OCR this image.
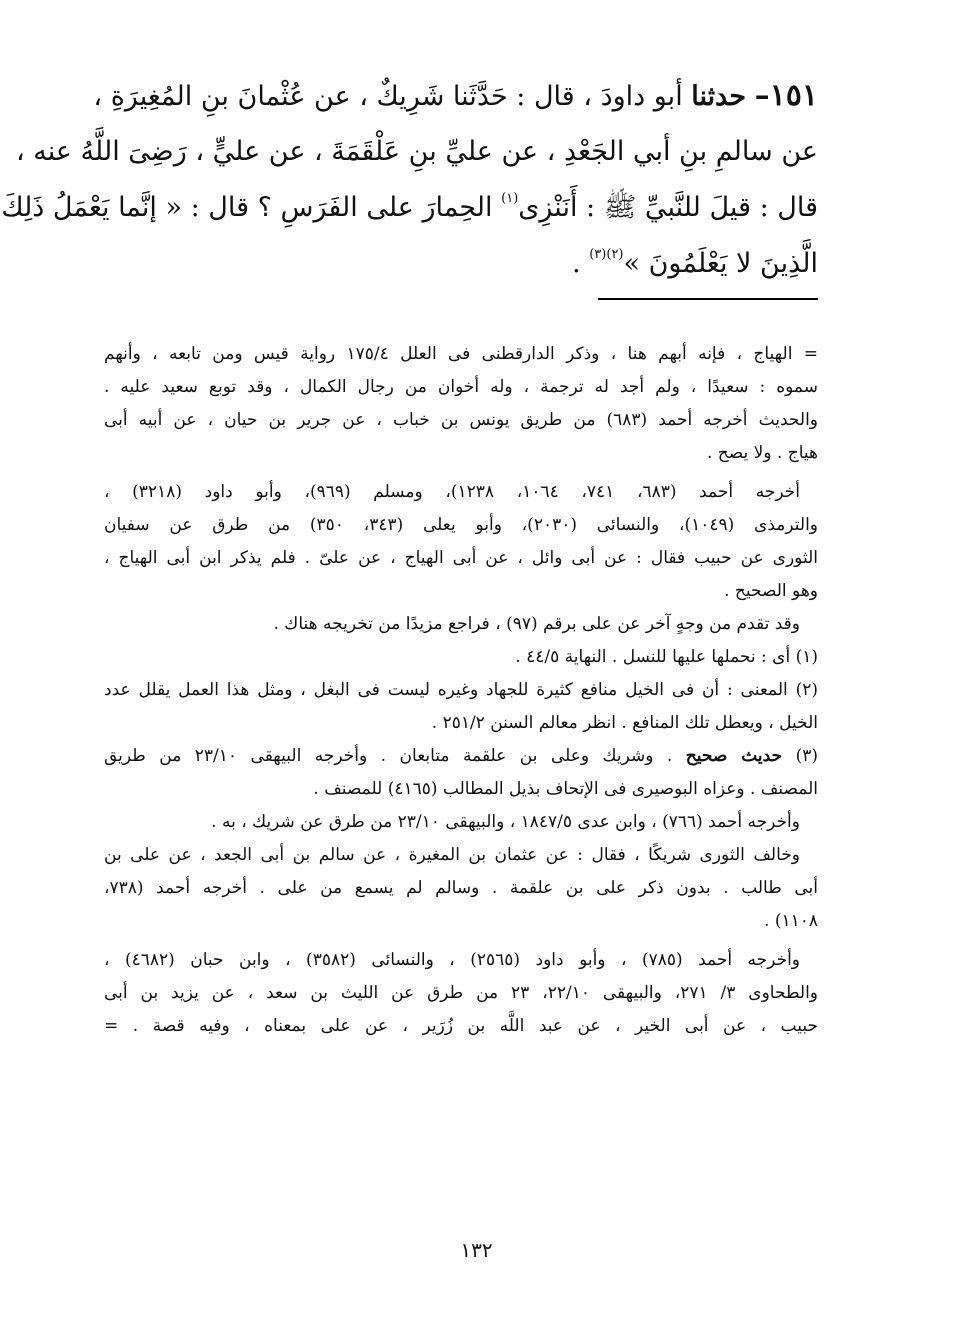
١٥١– حدثنا أبو داودَ ، قال : حَدَّثَنا شَرِيكٌ ، عن عُثْمانَ بنِ المُغِيرَةِ ،
عن سالمِ بنِ أبي الجَعْدِ ، عن عليِّ بنِ عَلْقَمَةَ ، عن عليٍّ ، رَضِىَ اللَّهُ عنه ،
قال : قيلَ للنَّبيِّ ﷺ : أَنَنْزِى$^{(١)}$ الحِمارَ على الفَرَسِ ؟ قال : « إنَّما يَعْمَلُ ذَلِكَ
الَّذِينَ لا يَعْلَمُونَ »$^{(٢)(٣)}$ .
= الهياج ، فإنه أبهم هنا ، وذكر الدارقطنى فى العلل ١٧٥/٤ رواية قيس ومن تابعه ، وأنهم
سموه : سعيدًا ، ولم أجد له ترجمة ، وله أخوان من رجال الكمال ، وقد توبع سعيد عليه .
والحديث أخرجه أحمد (٦٨٣) من طريق يونس بن خباب ، عن جرير بن حيان ، عن أبيه أبى
هياج . ولا يصح .
أخرجه أحمد (٦٨٣، ٧٤١، ١٠٦٤، ١٢٣٨)، ومسلم (٩٦٩)، وأبو داود (٣٢١٨) ،
والترمذى (١٠٤٩)، والنسائى (٢٠٣٠)، وأبو يعلى (٣٤٣، ٣٥٠) من طرق عن سفيان
الثورى عن حبيب فقال : عن أبى وائل ، عن أبى الهياج ، عن علىّ . فلم يذكر ابن أبى الهياج ،
وهو الصحيح .
وقد تقدم من وجهٍ آخر عن على برقم (٩٧) ، فراجع مزيدًا من تخريجه هناك .
(١) أى : نحملها عليها للنسل . النهاية ٤٤/٥ .
(٢) المعنى : أن فى الخيل منافع كثيرة للجهاد وغيره ليست فى البغل ، ومثل هذا العمل يقلل عدد
الخيل ، ويعطل تلك المنافع . انظر معالم السنن ٢٥١/٢ .
(٣) حديث صحيح . وشريك وعلى بن علقمة متابعان . وأخرجه البيهقى ٢٣/١٠ من طريق
المصنف . وعزاه البوصيرى فى الإتحاف بذيل المطالب (٤١٦٥) للمصنف .
وأخرجه أحمد (٧٦٦) ، وابن عدى ١٨٤٧/٥ ، والبيهقى ٢٣/١٠ من طرق عن شريك ، به .
وخالف الثورى شريكًا ، فقال : عن عثمان بن المغيرة ، عن سالم بن أبى الجعد ، عن على بن
أبى طالب . بدون ذكر على بن علقمة . وسالم لم يسمع من على . أخرجه أحمد (٧٣٨،
١١٠٨) .
وأخرجه أحمد (٧٨٥) ، وأبو داود (٢٥٦٥) ، والنسائى (٣٥٨٢) ، وابن حبان (٤٦٨٢) ،
والطحاوى ٣/ ٢٧١، والبيهقى ٢٢/١٠، ٢٣ من طرق عن الليث بن سعد ، عن يزيد بن أبى
حبيب ، عن أبى الخير ، عن عبد اللَّه بن زُرَير ، عن على بمعناه ، وفيه قصة . =
١٣٢
